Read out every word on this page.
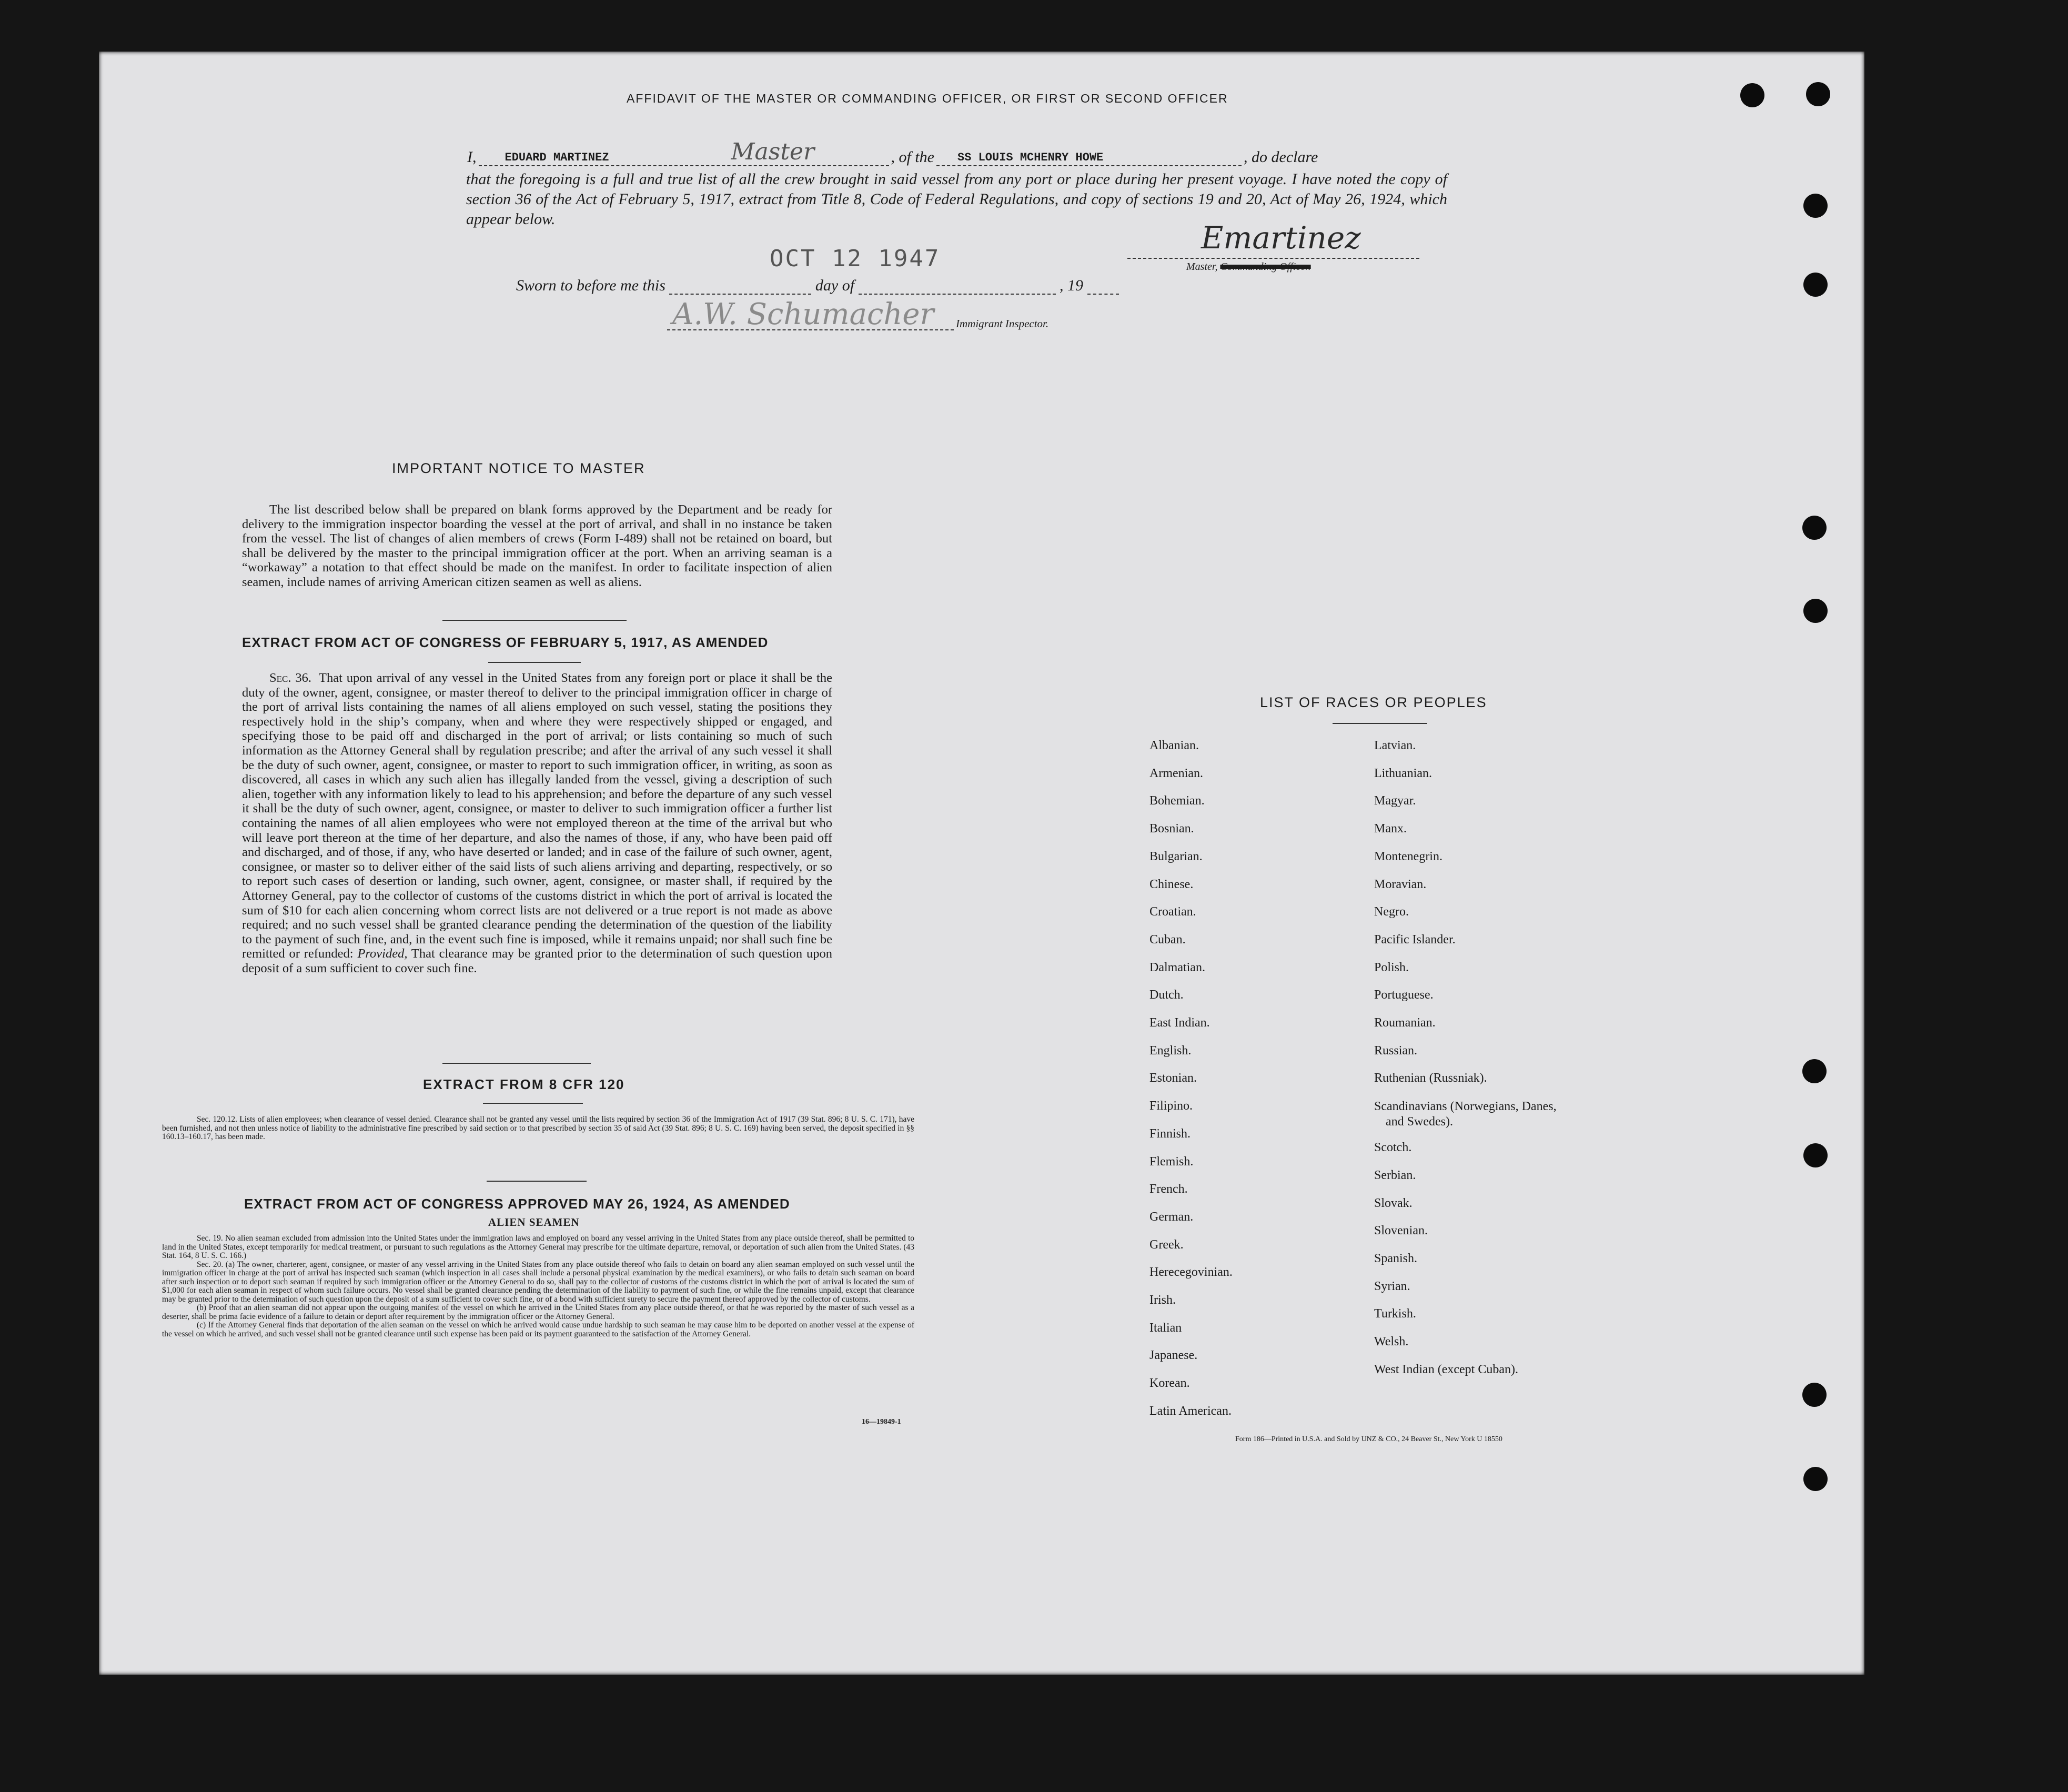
AFFIDAVIT OF THE MASTER OR COMMANDING OFFICER, OR FIRST OR SECOND OFFICER
I, EDUARD MARTINEZ	Master	, of the SS LOUIS MCHENRY HOWE	, do declare
that the foregoing is a full and true list of all the crew brought in said vessel from any port or place during her present voyage. I have noted the copy of section 36 of the Act of February 5, 1917, extract from Title 8, Code of Federal Regulations, and copy of sections 19 and 20, Act of May 26, 1924, which appear below.
OCT 12 1947
Emartinez
Master, Commanding Officer.
Sworn to before me this	day of	, 19
A.W. Schumacher Immigrant Inspector.
IMPORTANT NOTICE TO MASTER
The list described below shall be prepared on blank forms approved by the Department and be ready for delivery to the immigration inspector boarding the vessel at the port of arrival, and shall in no instance be taken from the vessel. The list of changes of alien members of crews (Form I-489) shall not be retained on board, but shall be delivered by the master to the principal immigration officer at the port. When an arriving seaman is a “workaway” a notation to that effect should be made on the manifest. In order to facilitate inspection of alien seamen, include names of arriving American citizen seamen as well as aliens.
EXTRACT FROM ACT OF CONGRESS OF FEBRUARY 5, 1917, AS AMENDED
Sec. 36. That upon arrival of any vessel in the United States from any foreign port or place it shall be the duty of the owner, agent, consignee, or master thereof to deliver to the principal immigration officer in charge of the port of arrival lists containing the names of all aliens employed on such vessel, stating the positions they respectively hold in the ship’s company, when and where they were respectively shipped or engaged, and specifying those to be paid off and discharged in the port of arrival; or lists containing so much of such information as the Attorney General shall by regulation prescribe; and after the arrival of any such vessel it shall be the duty of such owner, agent, consignee, or master to report to such immigration officer, in writing, as soon as discovered, all cases in which any such alien has illegally landed from the vessel, giving a description of such alien, together with any information likely to lead to his apprehension; and before the departure of any such vessel it shall be the duty of such owner, agent, consignee, or master to deliver to such immigration officer a further list containing the names of all alien employees who were not employed thereon at the time of the arrival but who will leave port thereon at the time of her departure, and also the names of those, if any, who have been paid off and discharged, and of those, if any, who have deserted or landed; and in case of the failure of such owner, agent, consignee, or master so to deliver either of the said lists of such aliens arriving and departing, respectively, or so to report such cases of desertion or landing, such owner, agent, consignee, or master shall, if required by the Attorney General, pay to the collector of customs of the customs district in which the port of arrival is located the sum of $10 for each alien concerning whom correct lists are not delivered or a true report is not made as above required; and no such vessel shall be granted clearance pending the determination of the question of the liability to the payment of such fine, and, in the event such fine is imposed, while it remains unpaid; nor shall such fine be remitted or refunded: Provided, That clearance may be granted prior to the determination of such question upon deposit of a sum sufficient to cover such fine.
EXTRACT FROM 8 CFR 120
Sec. 120.12. Lists of alien employees; when clearance of vessel denied. Clearance shall not be granted any vessel until the lists required by section 36 of the Immigration Act of 1917 (39 Stat. 896; 8 U. S. C. 171), have been furnished, and not then unless notice of liability to the administrative fine prescribed by said section or to that prescribed by section 35 of said Act (39 Stat. 896; 8 U. S. C. 169) having been served, the deposit specified in §§ 160.13–160.17, has been made.
EXTRACT FROM ACT OF CONGRESS APPROVED MAY 26, 1924, AS AMENDED
ALIEN SEAMEN
Sec. 19. No alien seaman excluded from admission into the United States under the immigration laws and employed on board any vessel arriving in the United States from any place outside thereof, shall be permitted to land in the United States, except temporarily for medical treatment, or pursuant to such regulations as the Attorney General may prescribe for the ultimate departure, removal, or deportation of such alien from the United States. (43 Stat. 164, 8 U. S. C. 166.)
Sec. 20. (a) The owner, charterer, agent, consignee, or master of any vessel arriving in the United States from any place outside thereof who fails to detain on board any alien seaman employed on such vessel until the immigration officer in charge at the port of arrival has inspected such seaman (which inspection in all cases shall include a personal physical examination by the medical examiners), or who fails to detain such seaman on board after such inspection or to deport such seaman if required by such immigration officer or the Attorney General to do so, shall pay to the collector of customs of the customs district in which the port of arrival is located the sum of $1,000 for each alien seaman in respect of whom such failure occurs. No vessel shall be granted clearance pending the determination of the liability to payment of such fine, or while the fine remains unpaid, except that clearance may be granted prior to the determination of such question upon the deposit of a sum sufficient to cover such fine, or of a bond with sufficient surety to secure the payment thereof approved by the collector of customs.
(b) Proof that an alien seaman did not appear upon the outgoing manifest of the vessel on which he arrived in the United States from any place outside thereof, or that he was reported by the master of such vessel as a deserter, shall be prima facie evidence of a failure to detain or deport after requirement by the immigration officer or the Attorney General.
(c) If the Attorney General finds that deportation of the alien seaman on the vessel on which he arrived would cause undue hardship to such seaman he may cause him to be deported on another vessel at the expense of the vessel on which he arrived, and such vessel shall not be granted clearance until such expense has been paid or its payment guaranteed to the satisfaction of the Attorney General.
16—19849-1
LIST OF RACES OR PEOPLES
Albanian.
Armenian.
Bohemian.
Bosnian.
Bulgarian.
Chinese.
Croatian.
Cuban.
Dalmatian.
Dutch.
East Indian.
English.
Estonian.
Filipino.
Finnish.
Flemish.
French.
German.
Greek.
Herecegovinian.
Irish.
Italian
Japanese.
Korean.
Latin American.
Latvian.
Lithuanian.
Magyar.
Manx.
Montenegrin.
Moravian.
Negro.
Pacific Islander.
Polish.
Portuguese.
Roumanian.
Russian.
Ruthenian (Russniak).
Scandinavians (Norwegians, Danes, and Swedes).
Scotch.
Serbian.
Slovak.
Slovenian.
Spanish.
Syrian.
Turkish.
Welsh.
West Indian (except Cuban).
Form 186—Printed in U.S.A. and Sold by UNZ & CO., 24 Beaver St., New York U 18550
